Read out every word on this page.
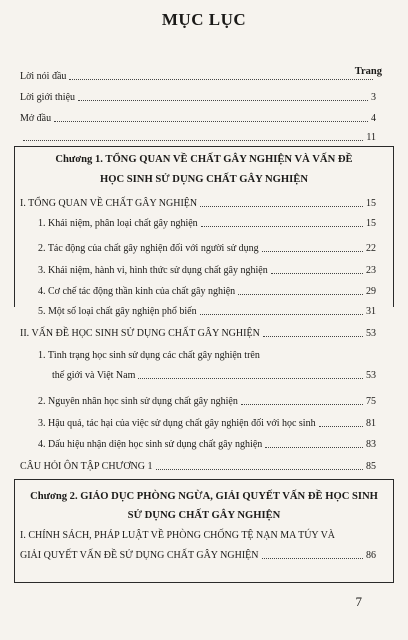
MỤC LỤC
Trang
Lời nói đầu
Lời giới thiệu	3
Mở đầu	4
11
Chương 1. TỔNG QUAN VỀ CHẤT GÂY NGHIỆN VÀ VẤN ĐỀ
HỌC SINH SỬ DỤNG CHẤT GÂY NGHIỆN
I. TỔNG QUAN VỀ CHẤT GÂY NGHIỆN	15
1. Khái niệm, phân loại chất gây nghiện	15
2. Tác động của chất gây nghiện đối với người sử dụng	22
3. Khái niệm, hành vi, hình thức sử dụng chất gây nghiện	23
4. Cơ chế tác động thần kinh của chất gây nghiện	29
5. Một số loại chất gây nghiện phổ biến	31
II. VẤN ĐỀ HỌC SINH SỬ DỤNG CHẤT GÂY NGHIỆN	53
1. Tình trạng học sinh sử dụng các chất gây nghiện trên
thế giới và Việt Nam	53
2. Nguyên nhân học sinh sử dụng chất gây nghiện	75
3. Hậu quả, tác hại của việc sử dụng chất gây nghiện đối với học sinh	81
4. Dấu hiệu nhận diện học sinh sử dụng chất gây nghiện	83
CÂU HỎI ÔN TẬP CHƯƠNG 1	85
Chương 2. GIÁO DỤC PHÒNG NGỪA, GIẢI QUYẾT VẤN ĐỀ HỌC SINH
SỬ DỤNG CHẤT GÂY NGHIỆN
I. CHÍNH SÁCH, PHÁP LUẬT VỀ PHÒNG CHỐNG TỆ NẠN MA TÚY VÀ
GIẢI QUYẾT VẤN ĐỀ SỬ DỤNG CHẤT GÂY NGHIỆN	86
7
